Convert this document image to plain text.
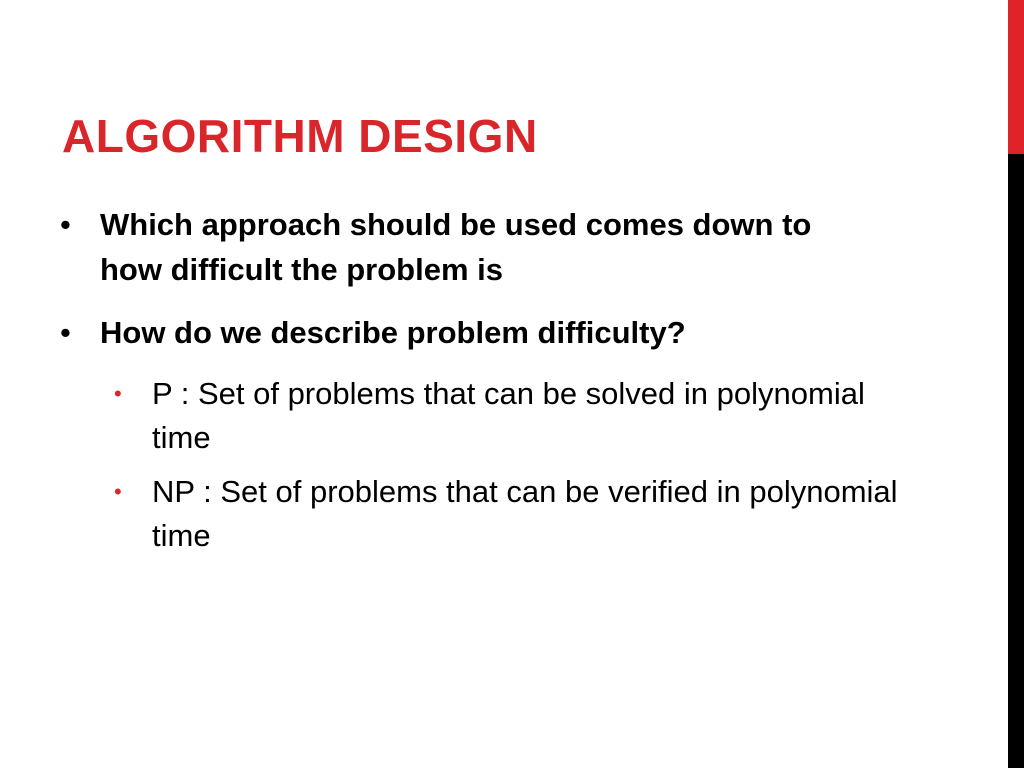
ALGORITHM DESIGN
• Which approach should be used comes down to how difficult the problem is
• How do we describe problem difficulty?
• P : Set of problems that can be solved in polynomial time
• NP : Set of problems that can be verified in polynomial time
